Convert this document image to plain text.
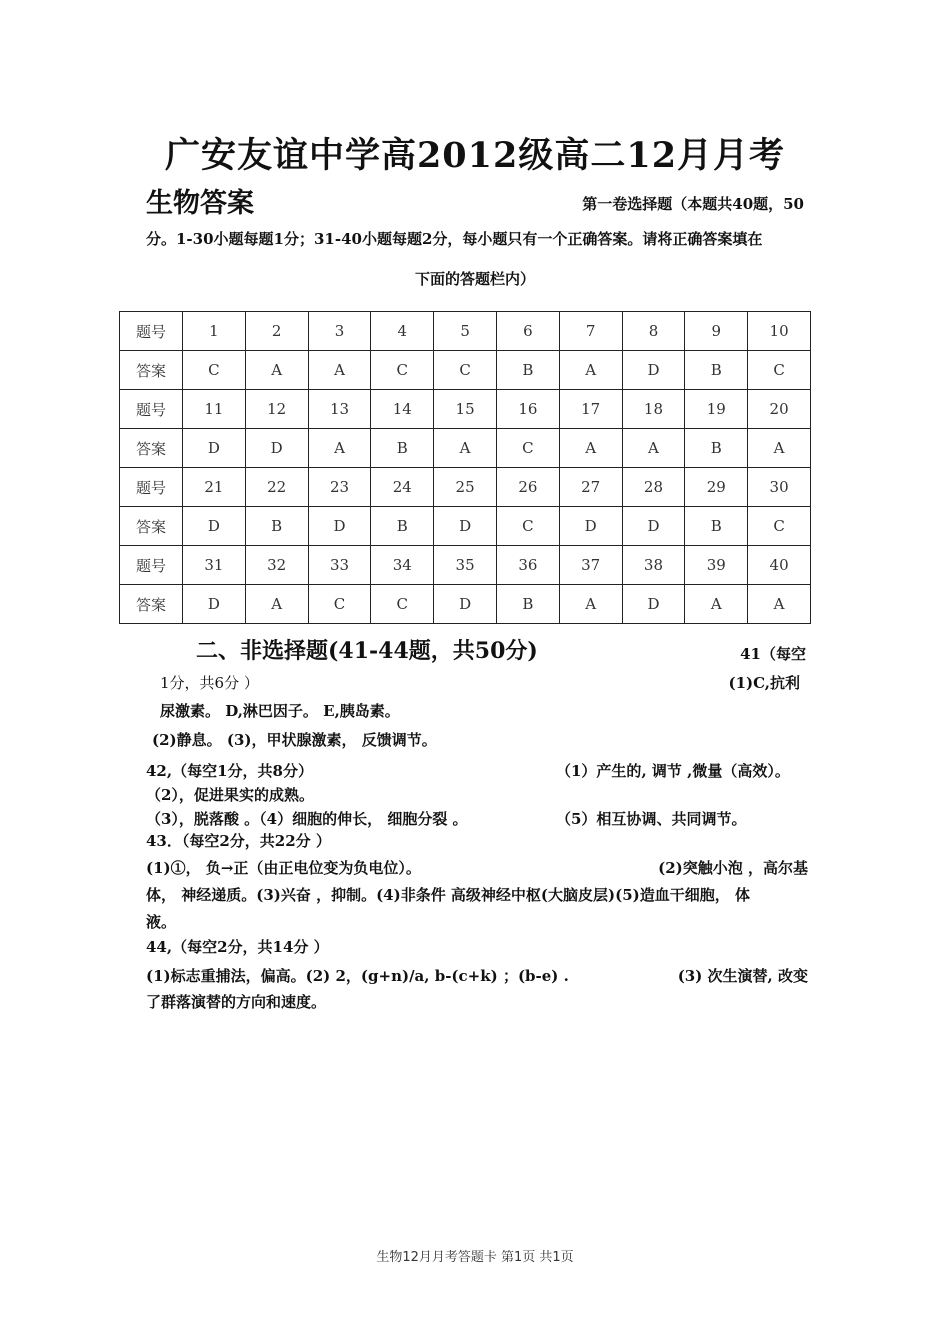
广安友谊中学高2012级高二12月月考
生物答案	第一卷选择题（本题共40题，50
分。1-30小题每题1分；31-40小题每题2分，每小题只有一个正确答案。请将正确答案填在
下面的答题栏内）
题号	1	2	3	4	5	6	7	8	9	10
答案	C	A	A	C	C	B	A	D	B	C
题号	11	12	13	14	15	16	17	18	19	20
答案	D	D	A	B	A	C	A	A	B	A
题号	21	22	23	24	25	26	27	28	29	30
答案	D	B	D	B	D	C	D	D	B	C
题号	31	32	33	34	35	36	37	38	39	40
答案	D	A	C	C	D	B	A	D	A	A
二、非选择题(41-44题，共50分)	41（每空
1分，共6分 ）	(1)C,抗利
尿激素。 D,淋巴因子。 E,胰岛素。
(2)静息。 (3)，甲状腺激素， 反馈调节。
42,（每空1分，共8分）	（1）产生的, 调节 ,微量（高效）。
（2），促进果实的成熟。
（3），脱落酸 。（4）细胞的伸长， 细胞分裂 。	（5）相互协调、共同调节。
43．（每空2分，共22分 ）
(1)①， 负→正（由正电位变为负电位）。	(2)突触小泡 ，高尔基
体， 神经递质。(3)兴奋 ，抑制。(4)非条件 高级神经中枢(大脑皮层)(5)造血干细胞， 体
液。
44,（每空2分，共14分 ）
(1)标志重捕法，偏高。(2) 2，(g+n)/a, b-(c+k) ；(b-e) .	(3) 次生演替, 改变
了群落演替的方向和速度。
生物12月月考答题卡 第1页 共1页
